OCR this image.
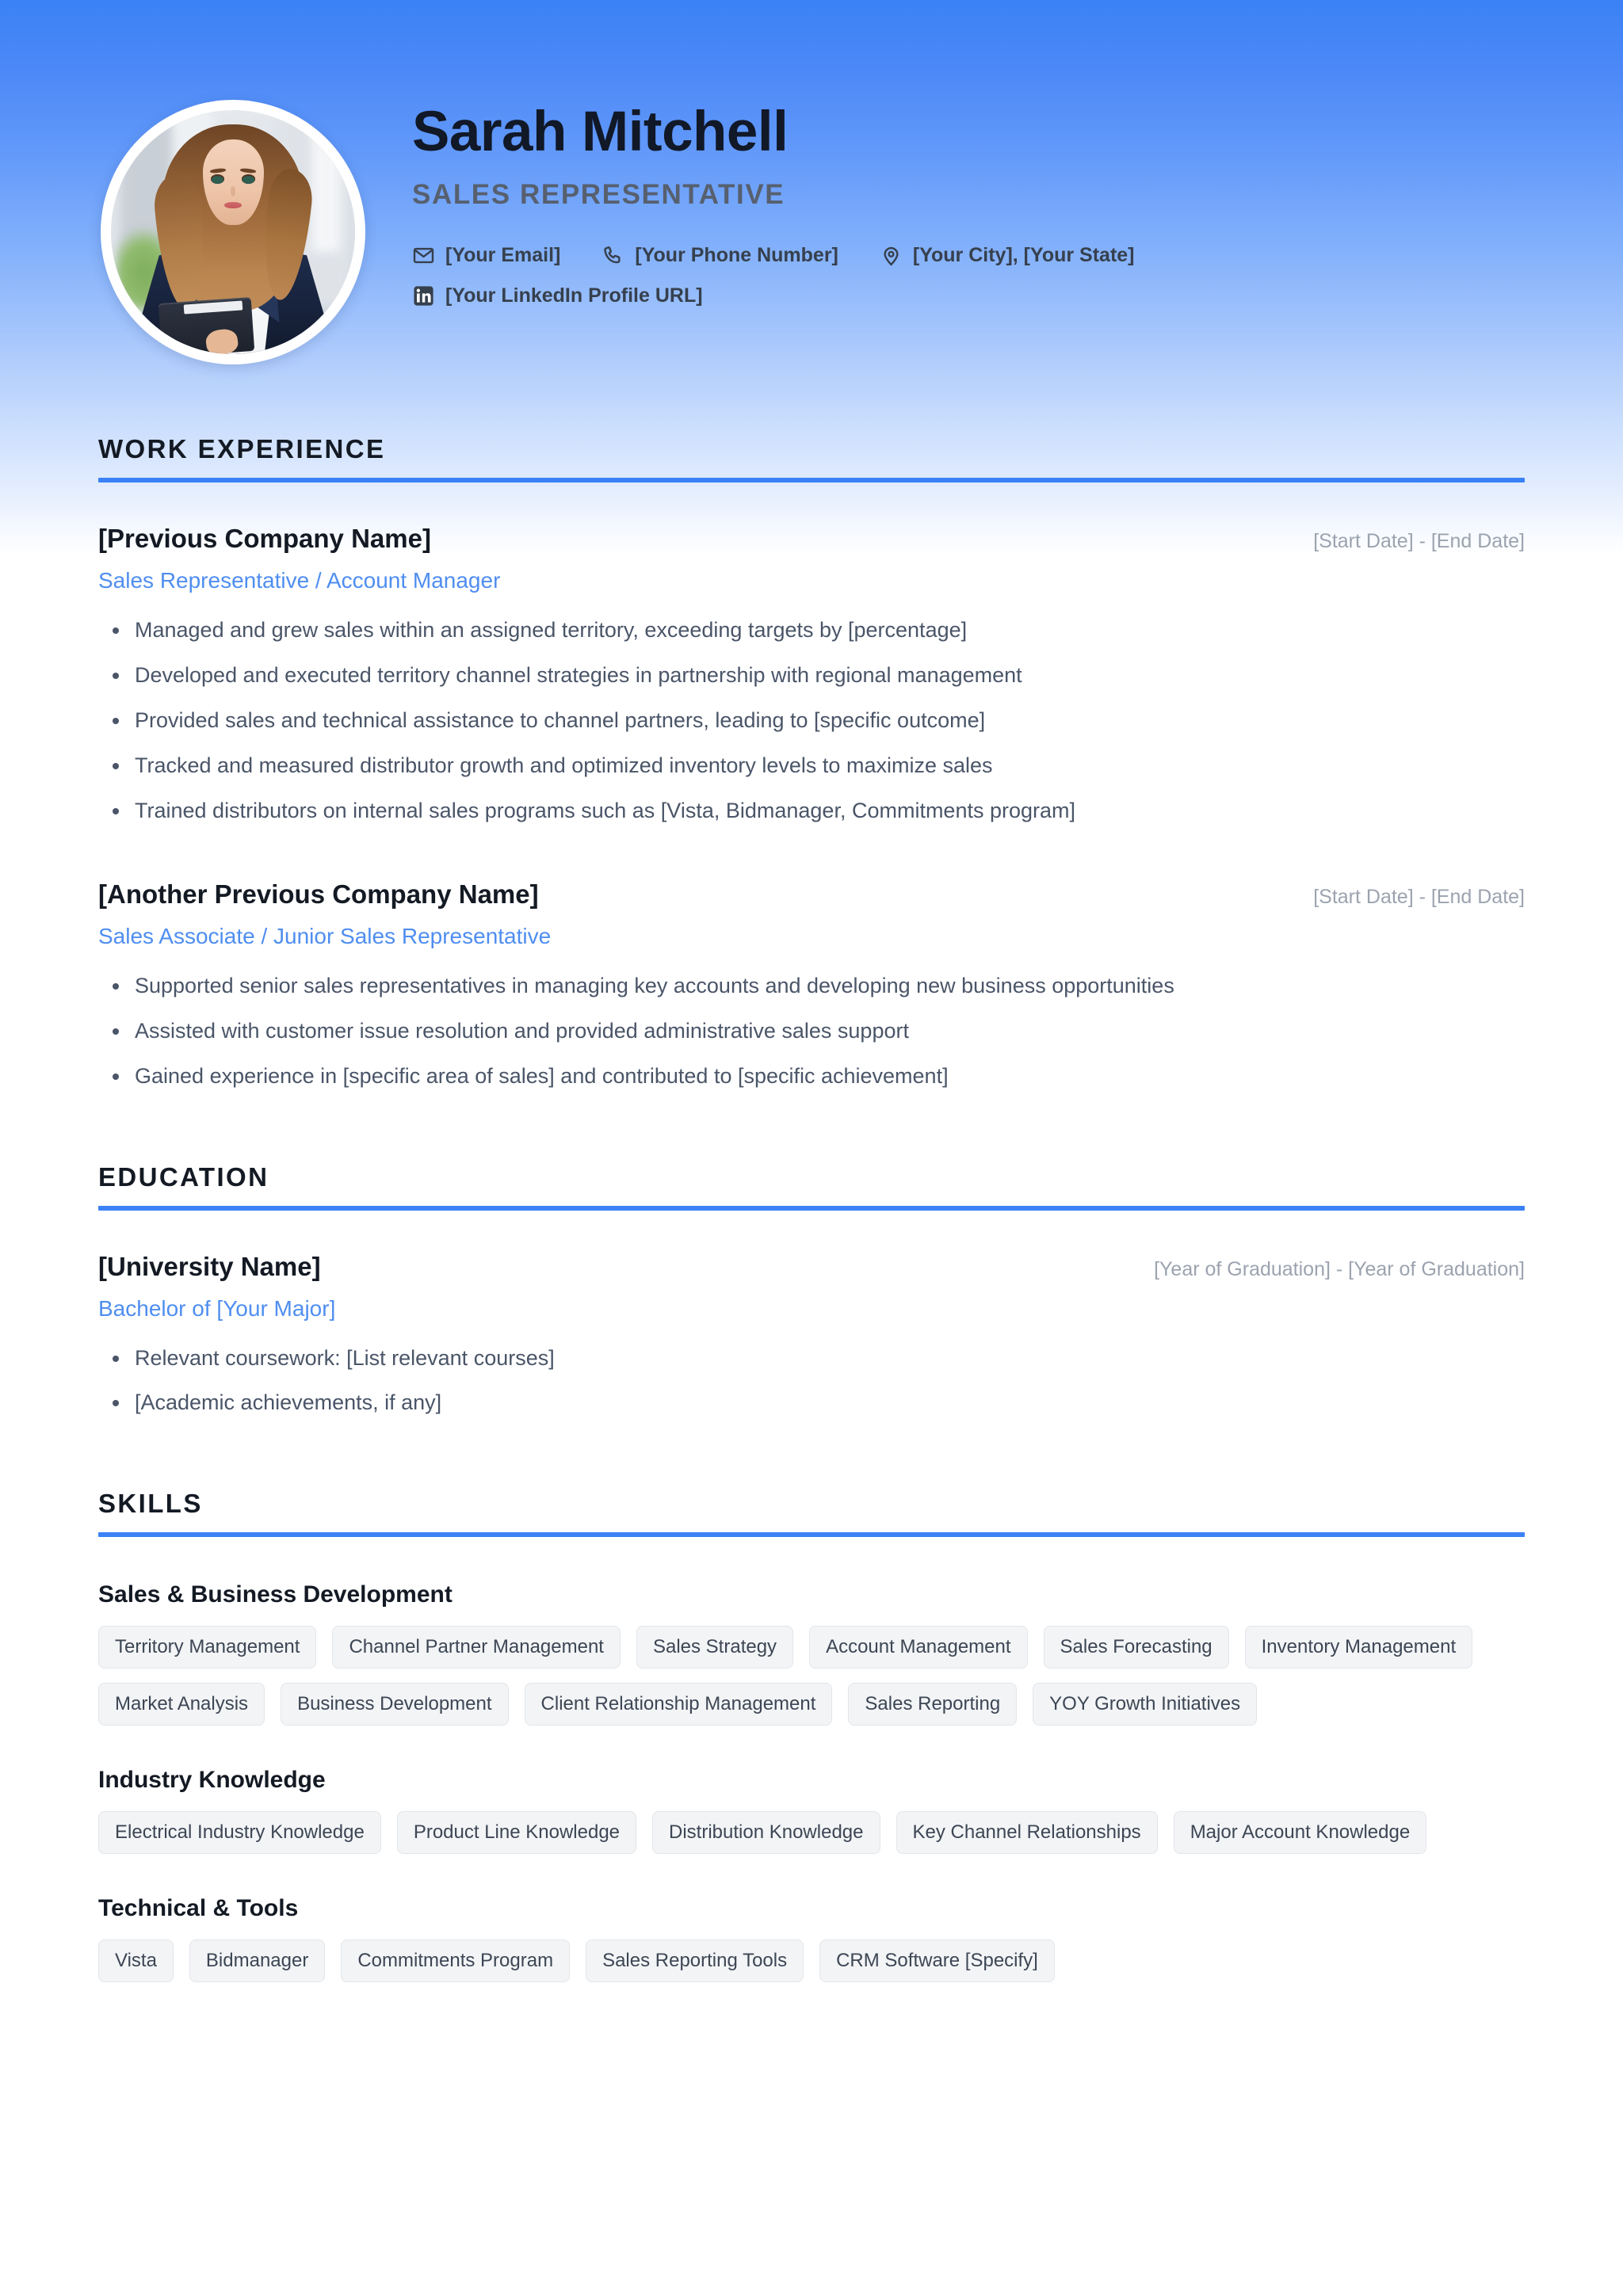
Sarah Mitchell
SALES REPRESENTATIVE
[Your Email]	[Your Phone Number]	[Your City], [Your State]
[Your LinkedIn Profile URL]
WORK EXPERIENCE
[Previous Company Name]	[Start Date] - [End Date]
Sales Representative / Account Manager
Managed and grew sales within an assigned territory, exceeding targets by [percentage]
Developed and executed territory channel strategies in partnership with regional management
Provided sales and technical assistance to channel partners, leading to [specific outcome]
Tracked and measured distributor growth and optimized inventory levels to maximize sales
Trained distributors on internal sales programs such as [Vista, Bidmanager, Commitments program]
[Another Previous Company Name]	[Start Date] - [End Date]
Sales Associate / Junior Sales Representative
Supported senior sales representatives in managing key accounts and developing new business opportunities
Assisted with customer issue resolution and provided administrative sales support
Gained experience in [specific area of sales] and contributed to [specific achievement]
EDUCATION
[University Name]	[Year of Graduation] - [Year of Graduation]
Bachelor of [Your Major]
Relevant coursework: [List relevant courses]
[Academic achievements, if any]
SKILLS
Sales & Business Development
Territory Management	Channel Partner Management	Sales Strategy	Account Management	Sales Forecasting	Inventory Management
Market Analysis	Business Development	Client Relationship Management	Sales Reporting	YOY Growth Initiatives
Industry Knowledge
Electrical Industry Knowledge	Product Line Knowledge	Distribution Knowledge	Key Channel Relationships	Major Account Knowledge
Technical & Tools
Vista	Bidmanager	Commitments Program	Sales Reporting Tools	CRM Software [Specify]
